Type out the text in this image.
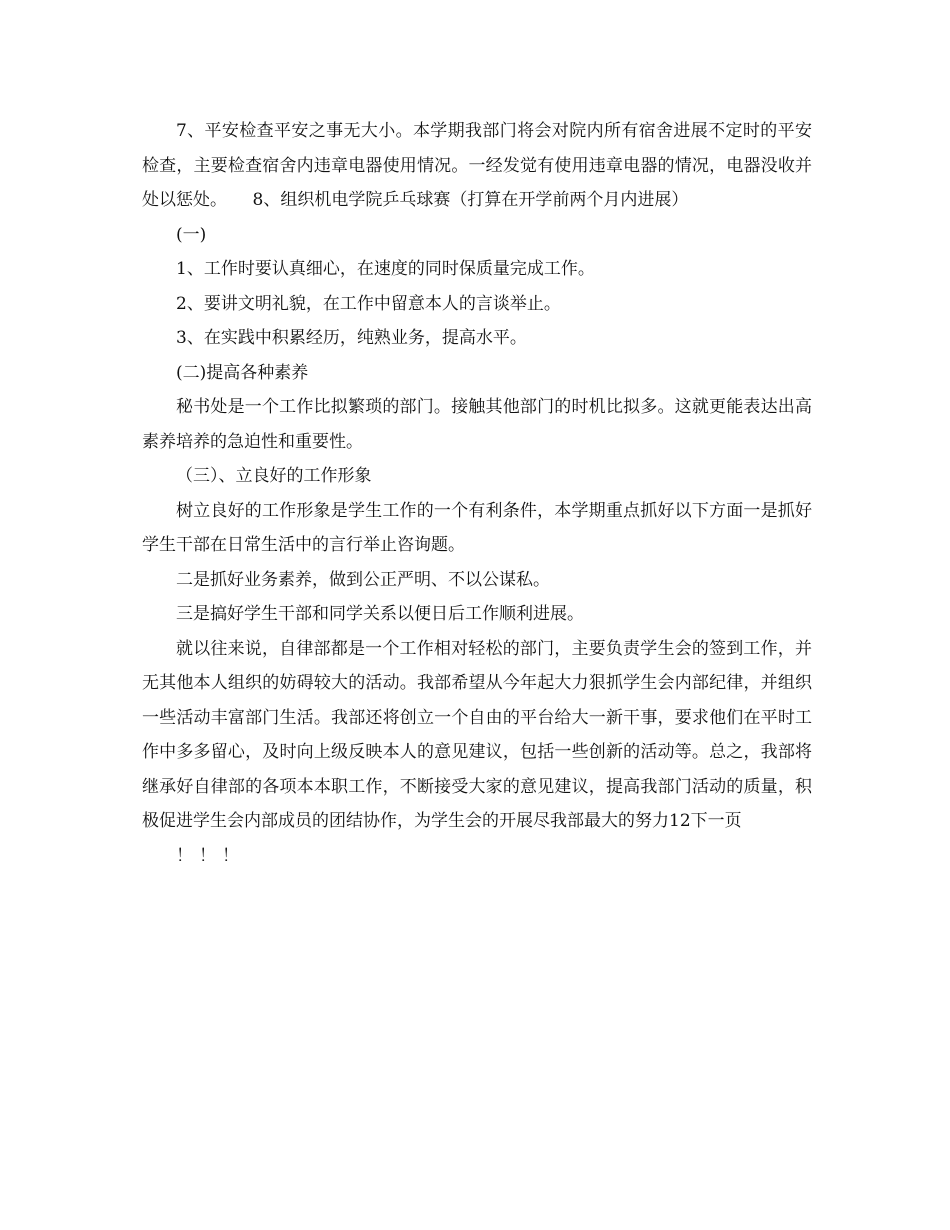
7、平安检查平安之事无大小。本学期我部门将会对院内所有宿舍进展不定时的平安检查，主要检查宿舍内违章电器使用情况。一经发觉有使用违章电器的情况，电器没收并处以惩处。　　8、组织机电学院乒乓球赛（打算在开学前两个月内进展）

(一)

1、工作时要认真细心，在速度的同时保质量完成工作。

2、要讲文明礼貌，在工作中留意本人的言谈举止。

3、在实践中积累经历，纯熟业务，提高水平。

(二)提高各种素养

秘书处是一个工作比拟繁琐的部门。接触其他部门的时机比拟多。这就更能表达出高素养培养的急迫性和重要性。

（三）、立良好的工作形象

树立良好的工作形象是学生工作的一个有利条件，本学期重点抓好以下方面一是抓好学生干部在日常生活中的言行举止咨询题。

二是抓好业务素养，做到公正严明、不以公谋私。

三是搞好学生干部和同学关系以便日后工作顺利进展。

就以往来说，自律部都是一个工作相对轻松的部门，主要负责学生会的签到工作，并无其他本人组织的妨碍较大的活动。我部希望从今年起大力狠抓学生会内部纪律，并组织一些活动丰富部门生活。我部还将创立一个自由的平台给大一新干事，要求他们在平时工作中多多留心，及时向上级反映本人的意见建议，包括一些创新的活动等。总之，我部将继承好自律部的各项本本职工作，不断接受大家的意见建议，提高我部门活动的质量，积极促进学生会内部成员的团结协作，为学生会的开展尽我部最大的努力12下一页

！！！
